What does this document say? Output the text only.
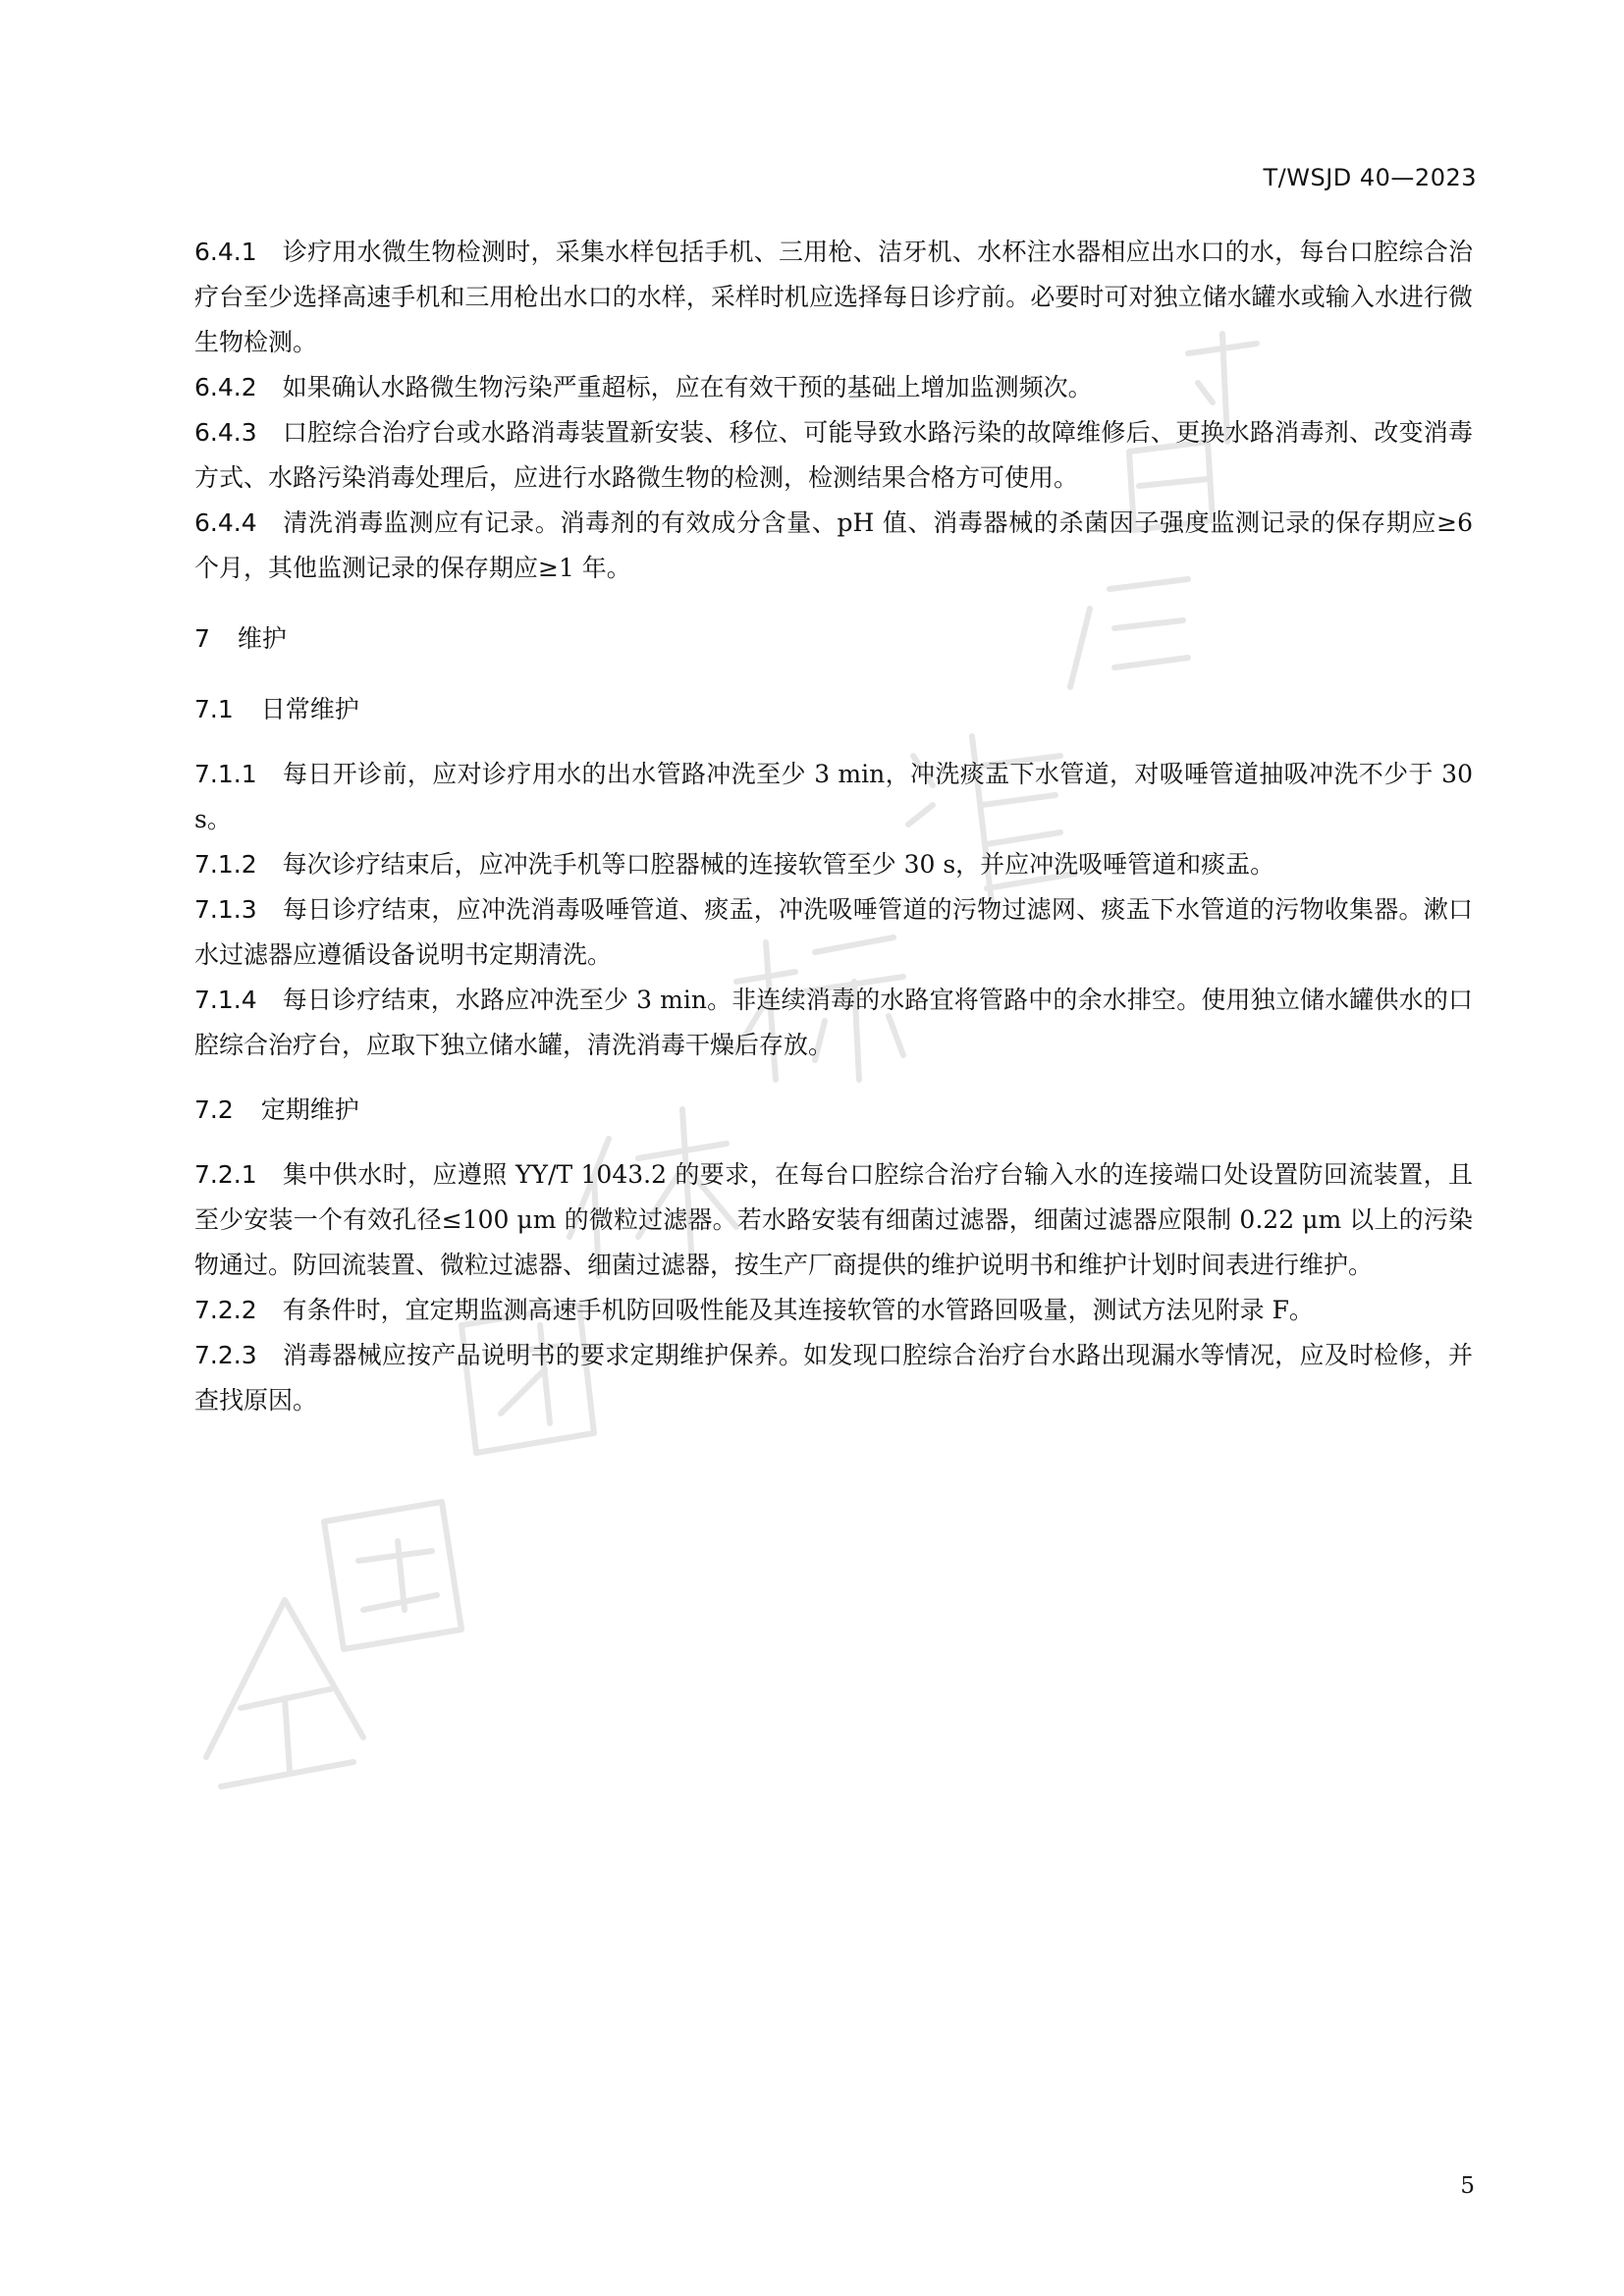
T/WSJD 40—2023

6.4.1 诊疗用水微生物检测时，采集水样包括手机、三用枪、洁牙机、水杯注水器相应出水口的水，每台口腔综合治疗台至少选择高速手机和三用枪出水口的水样，采样时机应选择每日诊疗前。必要时可对独立储水罐水或输入水进行微生物检测。

6.4.2 如果确认水路微生物污染严重超标，应在有效干预的基础上增加监测频次。

6.4.3 口腔综合治疗台或水路消毒装置新安装、移位、可能导致水路污染的故障维修后、更换水路消毒剂、改变消毒方式、水路污染消毒处理后，应进行水路微生物的检测，检测结果合格方可使用。

6.4.4 清洗消毒监测应有记录。消毒剂的有效成分含量、pH 值、消毒器械的杀菌因子强度监测记录的保存期应≥6 个月，其他监测记录的保存期应≥1 年。

7 维护
7.1 日常维护

7.1.1 每日开诊前，应对诊疗用水的出水管路冲洗至少 3 min，冲洗痰盂下水管道，对吸唾管道抽吸冲洗不少于 30 s。

7.1.2 每次诊疗结束后，应冲洗手机等口腔器械的连接软管至少 30 s，并应冲洗吸唾管道和痰盂。

7.1.3 每日诊疗结束，应冲洗消毒吸唾管道、痰盂，冲洗吸唾管道的污物过滤网、痰盂下水管道的污物收集器。漱口水过滤器应遵循设备说明书定期清洗。

7.1.4 每日诊疗结束，水路应冲洗至少 3 min。非连续消毒的水路宜将管路中的余水排空。使用独立储水罐供水的口腔综合治疗台，应取下独立储水罐，清洗消毒干燥后存放。

7.2 定期维护

7.2.1 集中供水时，应遵照 YY/T 1043.2 的要求，在每台口腔综合治疗台输入水的连接端口处设置防回流装置，且至少安装一个有效孔径≤100 μm 的微粒过滤器。若水路安装有细菌过滤器，细菌过滤器应限制 0.22 μm 以上的污染物通过。防回流装置、微粒过滤器、细菌过滤器，按生产厂商提供的维护说明书和维护计划时间表进行维护。

7.2.2 有条件时，宜定期监测高速手机防回吸性能及其连接软管的水管路回吸量，测试方法见附录 F。

7.2.3 消毒器械应按产品说明书的要求定期维护保养。如发现口腔综合治疗台水路出现漏水等情况，应及时检修，并查找原因。

5
